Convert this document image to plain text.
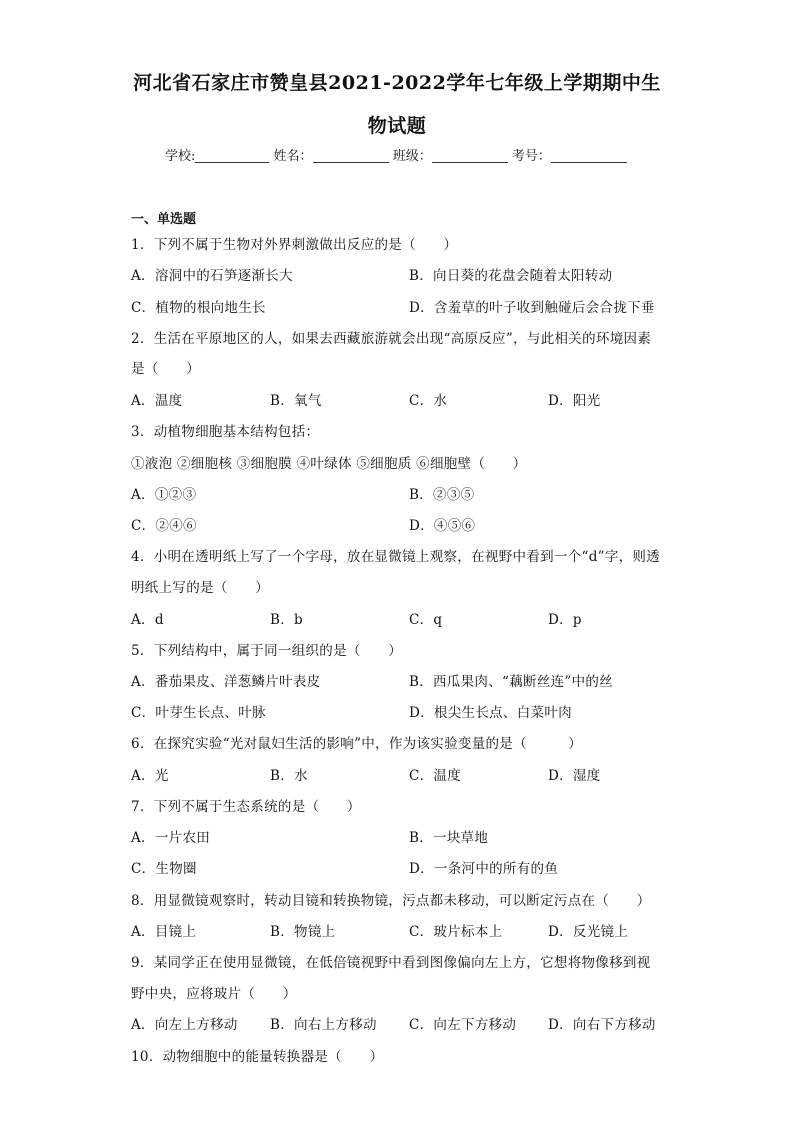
河北省石家庄市赞皇县2021-2022学年七年级上学期期中生
物试题
学校:	姓名：	班级：	考号：
一、单选题
1．下列不属于生物对外界刺激做出反应的是（　　）
A．溶洞中的石笋逐渐长大	B．向日葵的花盘会随着太阳转动
C．植物的根向地生长	D．含羞草的叶子收到触碰后会合拢下垂
2．生活在平原地区的人，如果去西藏旅游就会出现“高原反应”，与此相关的环境因素
是（　　）
A．温度	B．氧气	C．水	D．阳光
3．动植物细胞基本结构包括：
①液泡 ②细胞核 ③细胞膜 ④叶绿体 ⑤细胞质 ⑥细胞壁（　　）
A．①②③	B．②③⑤
C．②④⑥	D．④⑤⑥
4．小明在透明纸上写了一个字母，放在显微镜上观察，在视野中看到一个“d”字，则透
明纸上写的是（　　）
A．d	B．b	C．q	D．p
5．下列结构中，属于同一组织的是（　　）
A．番茄果皮、洋葱鳞片叶表皮	B．西瓜果肉、“藕断丝连”中的丝
C．叶芽生长点、叶脉	D．根尖生长点、白菜叶肉
6．在探究实验“光对鼠妇生活的影响”中，作为该实验变量的是（　　　）
A．光	B．水	C．温度	D．湿度
7．下列不属于生态系统的是（　　）
A．一片农田	B．一块草地
C．生物圈	D．一条河中的所有的鱼
8．用显微镜观察时，转动目镜和转换物镜，污点都未移动，可以断定污点在（　　）
A．目镜上	B．物镜上	C．玻片标本上	D．反光镜上
9．某同学正在使用显微镜，在低倍镜视野中看到图像偏向左上方，它想将物像移到视
野中央，应将玻片（　　）
A．向左上方移动 B．向右上方移动 C．向左下方移动 D．向右下方移动
10．动物细胞中的能量转换器是（　　）
